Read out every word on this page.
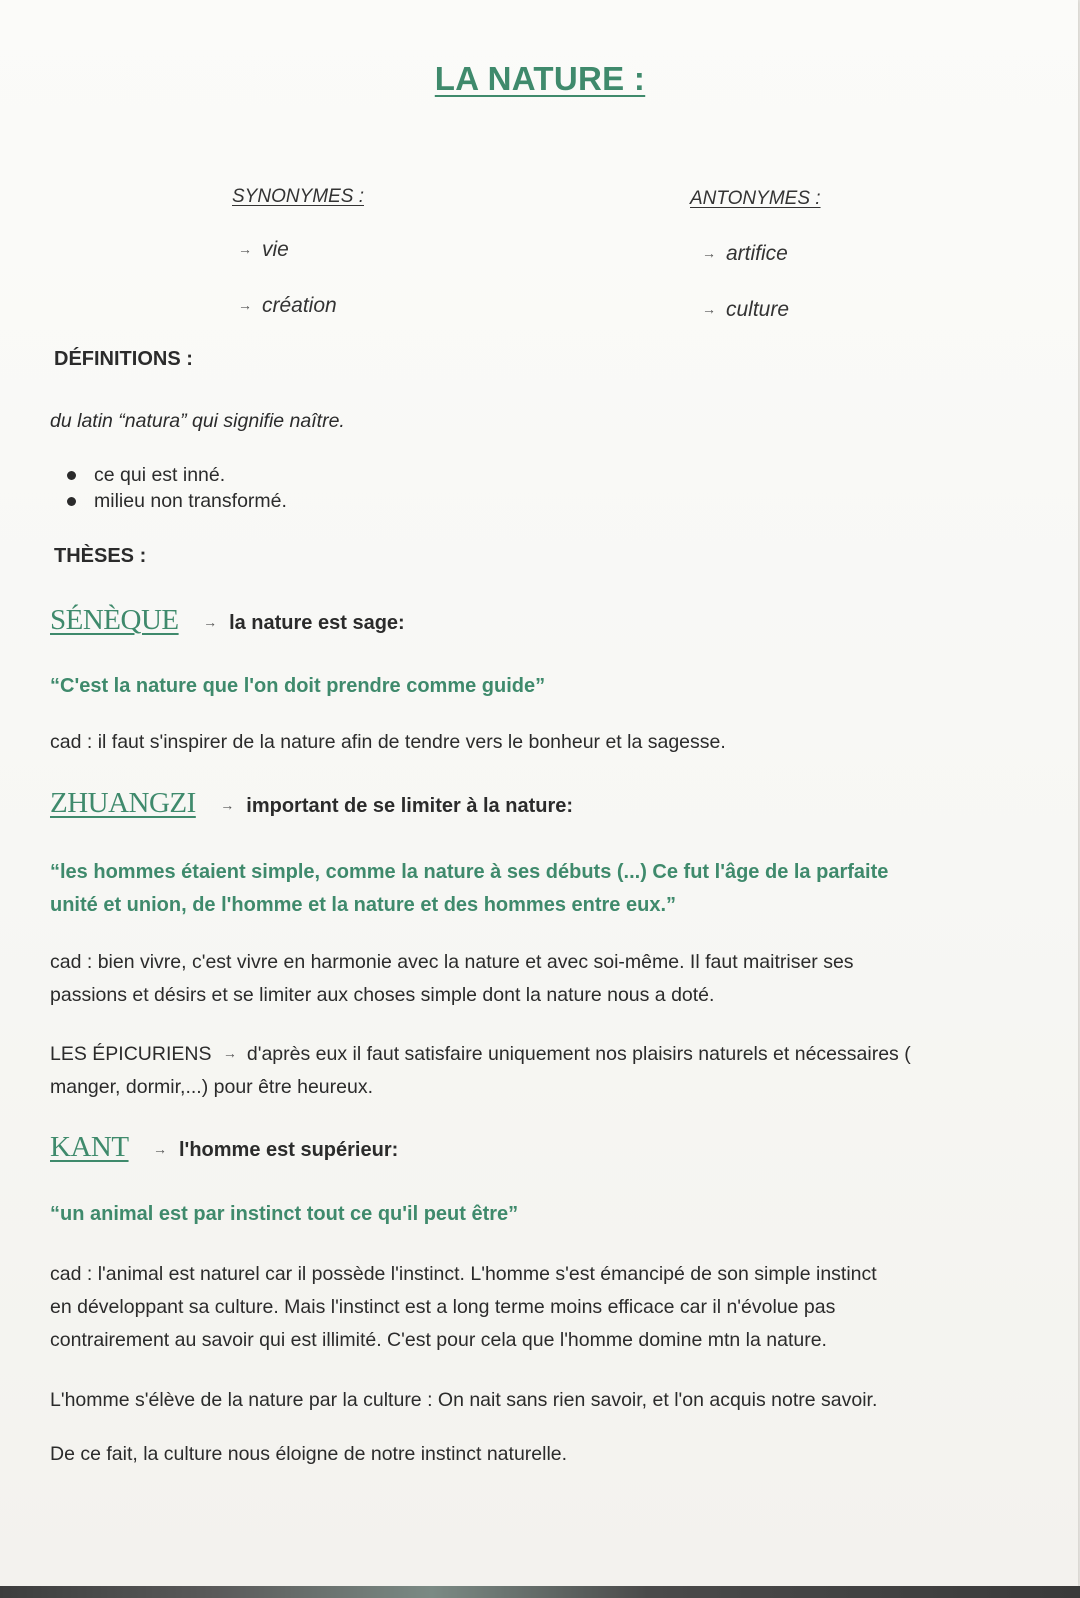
LA NATURE :
SYNONYMES :
→ vie
→ création
ANTONYMES :
→ artifice
→ culture
DÉFINITIONS :
du latin “natura” qui signifie naître.
ce qui est inné.
milieu non transformé.
THÈSES :
SÉNÈQUE → la nature est sage:
“C'est la nature que l'on doit prendre comme guide”
cad : il faut s'inspirer de la nature afin de tendre vers le bonheur et la sagesse.
ZHUANGZI → important de se limiter à la nature:
“les hommes étaient simple, comme la nature à ses débuts (...) Ce fut l'âge de la parfaite
unité et union, de l'homme et la nature et des hommes entre eux.”
cad : bien vivre, c'est vivre en harmonie avec la nature et avec soi-même. Il faut maitriser ses
passions et désirs et se limiter aux choses simple dont la nature nous a doté.
LES ÉPICURIENS → d'après eux il faut satisfaire uniquement nos plaisirs naturels et nécessaires (
manger, dormir,...) pour être heureux.
KANT → l'homme est supérieur:
“un animal est par instinct tout ce qu'il peut être”
cad : l'animal est naturel car il possède l'instinct. L'homme s'est émancipé de son simple instinct
en développant sa culture. Mais l'instinct est a long terme moins efficace car il n'évolue pas
contrairement au savoir qui est illimité. C'est pour cela que l'homme domine mtn la nature.
L'homme s'élève de la nature par la culture : On nait sans rien savoir, et l'on acquis notre savoir.
De ce fait, la culture nous éloigne de notre instinct naturelle.
